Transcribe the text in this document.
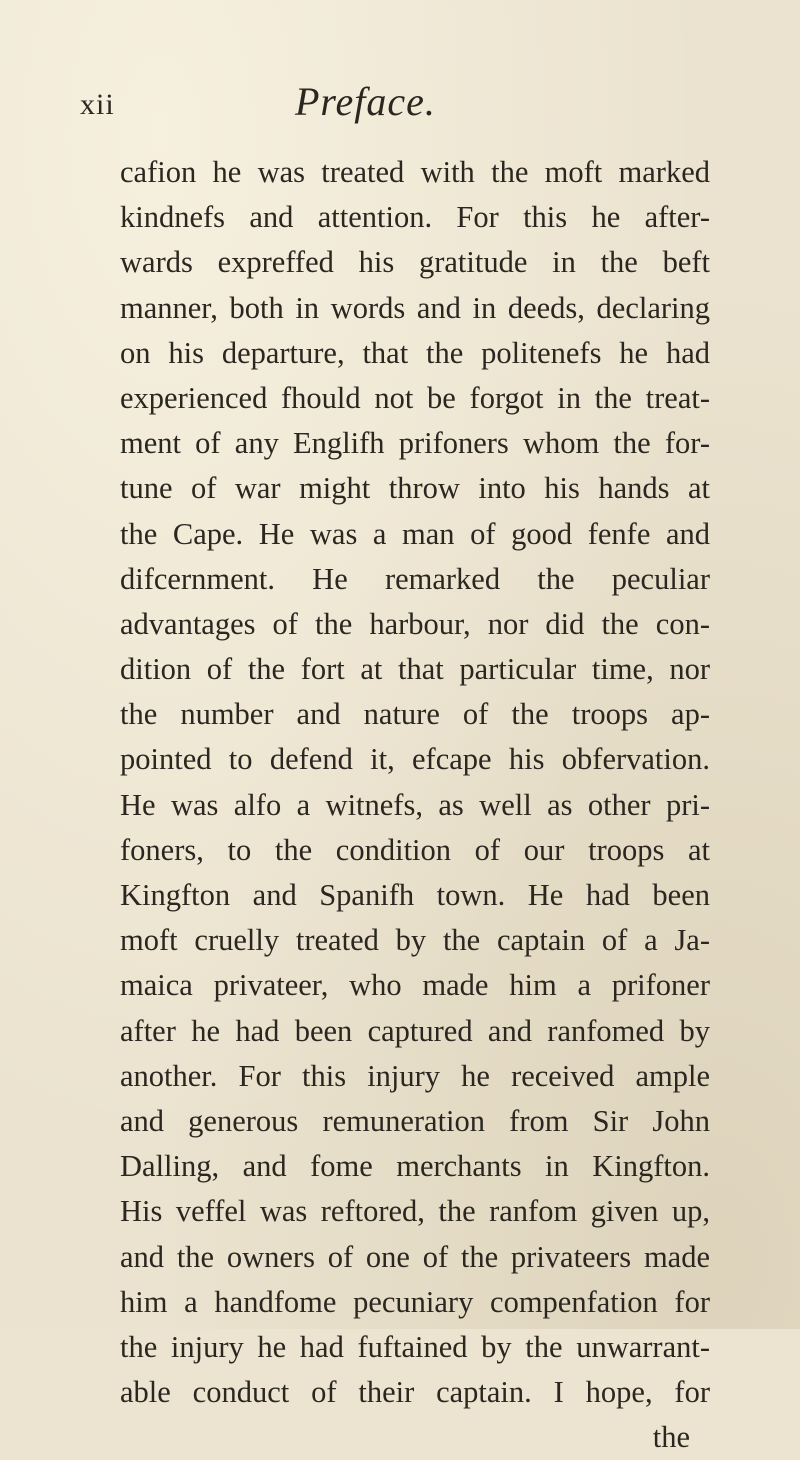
xii	Preface.
cafion he was treated with the moft marked
kindnefs and attention. For this he after-
wards expreffed his gratitude in the beft
manner, both in words and in deeds, declaring
on his departure, that the politenefs he had
experienced fhould not be forgot in the treat-
ment of any Englifh prifoners whom the for-
tune of war might throw into his hands at
the Cape. He was a man of good fenfe and
difcernment. He remarked the peculiar
advantages of the harbour, nor did the con-
dition of the fort at that particular time, nor
the number and nature of the troops ap-
pointed to defend it, efcape his obfervation.
He was alfo a witnefs, as well as other pri-
foners, to the condition of our troops at
Kingfton and Spanifh town. He had been
moft cruelly treated by the captain of a Ja-
maica privateer, who made him a prifoner
after he had been captured and ranfomed by
another. For this injury he received ample
and generous remuneration from Sir John
Dalling, and fome merchants in Kingfton.
His veffel was reftored, the ranfom given up,
and the owners of one of the privateers made
him a handfome pecuniary compenfation for
the injury he had fuftained by the unwarrant-
able conduct of their captain. I hope, for
the
